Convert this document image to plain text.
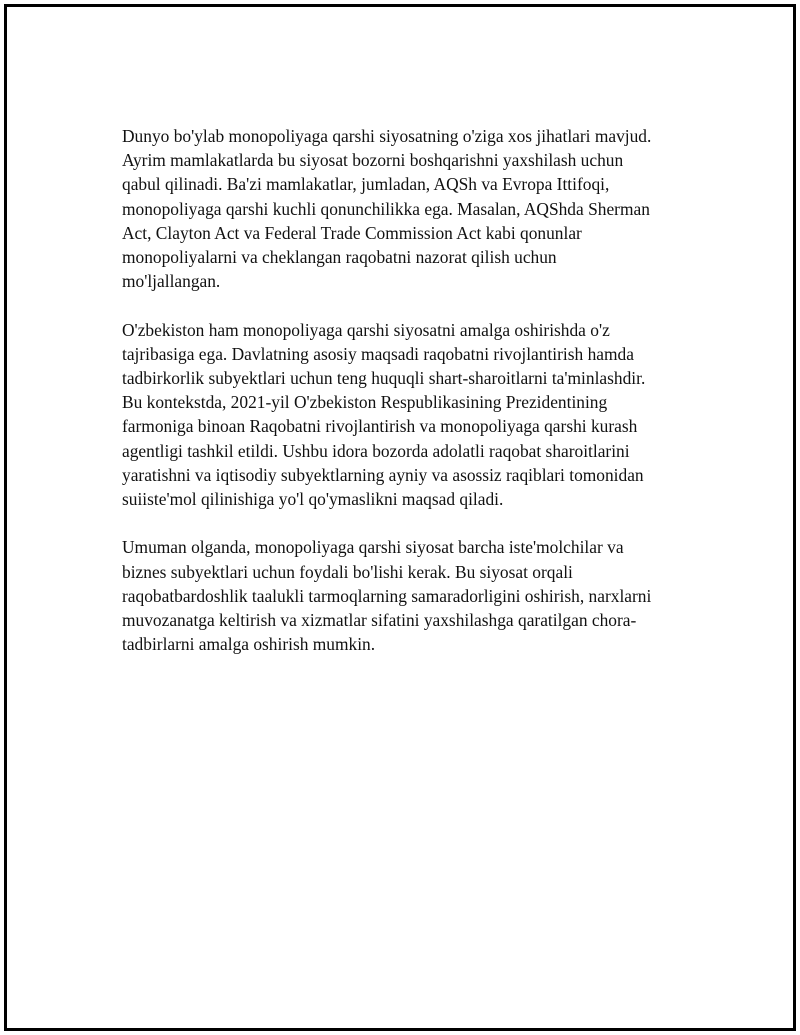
Dunyo bo'ylab monopoliyaga qarshi siyosatning o'ziga xos jihatlari mavjud.
Ayrim mamlakatlarda bu siyosat bozorni boshqarishni yaxshilash uchun
qabul qilinadi. Ba'zi mamlakatlar, jumladan, AQSh va Evropa Ittifoqi,
monopoliyaga qarshi kuchli qonunchilikka ega. Masalan, AQShda Sherman
Act, Clayton Act va Federal Trade Commission Act kabi qonunlar
monopoliyalarni va cheklangan raqobatni nazorat qilish uchun
mo'ljallangan.

O'zbekiston ham monopoliyaga qarshi siyosatni amalga oshirishda o'z
tajribasiga ega. Davlatning asosiy maqsadi raqobatni rivojlantirish hamda
tadbirkorlik subyektlari uchun teng huquqli shart-sharoitlarni ta'minlashdir.
Bu kontekstda, 2021-yil O'zbekiston Respublikasining Prezidentining
farmoniga binoan Raqobatni rivojlantirish va monopoliyaga qarshi kurash
agentligi tashkil etildi. Ushbu idora bozorda adolatli raqobat sharoitlarini
yaratishni va iqtisodiy subyektlarning ayniy va asossiz raqiblari tomonidan
suiiste'mol qilinishiga yo'l qo'ymaslikni maqsad qiladi.

Umuman olganda, monopoliyaga qarshi siyosat barcha iste'molchilar va
biznes subyektlari uchun foydali bo'lishi kerak. Bu siyosat orqali
raqobatbardoshlik taalukli tarmoqlarning samaradorligini oshirish, narxlarni
muvozanatga keltirish va xizmatlar sifatini yaxshilashga qaratilgan chora-
tadbirlarni amalga oshirish mumkin.
